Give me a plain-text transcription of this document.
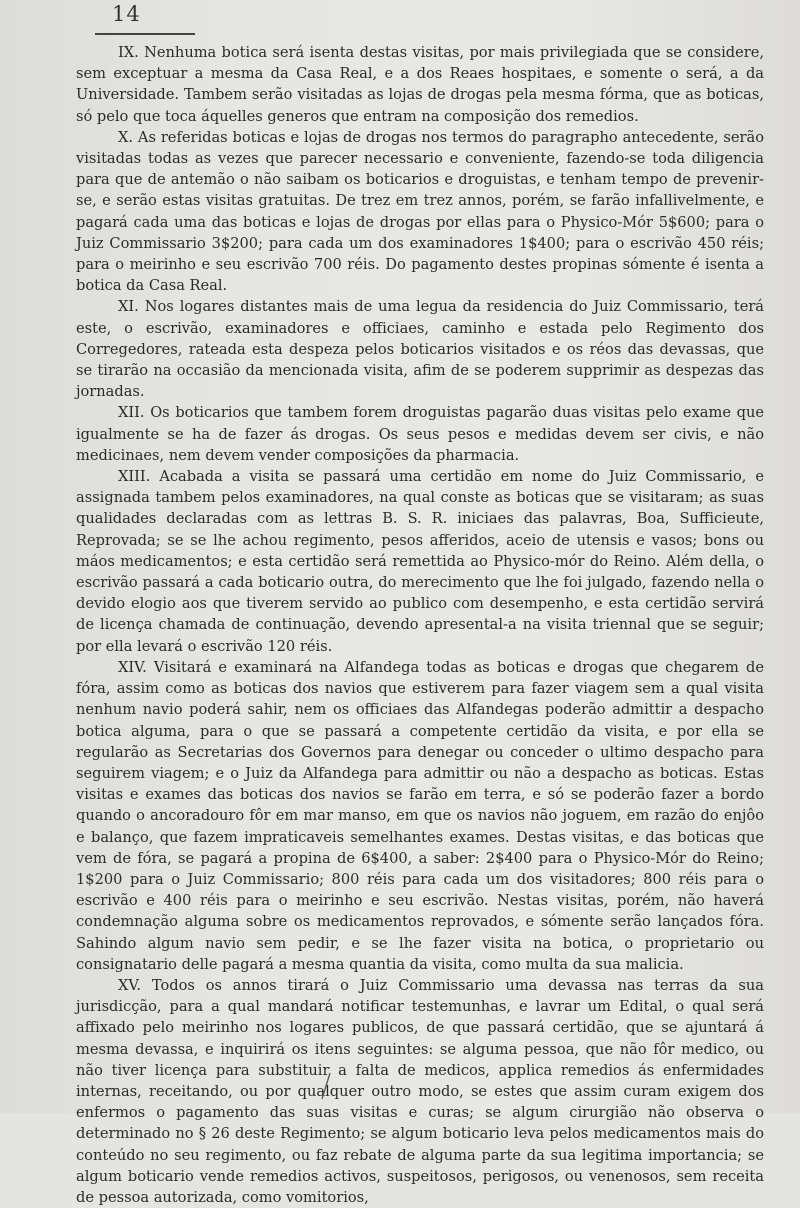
14

IX. Nenhuma botica será isenta destas visitas, por mais privilegiada que se considere, sem exceptuar a mesma da Casa Real, e a dos Reaes hospitaes, e somente o será, a da Universidade. Tambem serão visitadas as lojas de drogas pela mesma fórma, que as boticas, só pelo que toca áquelles generos que entram na composição dos remedios.

X. As referidas boticas e lojas de drogas nos termos do paragrapho antecedente, serão visitadas todas as vezes que parecer necessario e conveniente, fazendo-se toda diligencia para que de antemão o não saibam os boticarios e droguistas, e tenham tempo de prevenir-se, e serão estas visitas gratuitas. De trez em trez annos, porém, se farão infallivelmente, e pagará cada uma das boticas e lojas de drogas por ellas para o Physico-Mór 5$600; para o Juiz Commissario 3$200; para cada um dos examinadores 1$400; para o escrivão 450 réis; para o meirinho e seu escrivão 700 réis. Do pagamento destes propinas sómente é isenta a botica da Casa Real.

XI. Nos logares distantes mais de uma legua da residencia do Juiz Commissario, terá este, o escrivão, examinadores e officiaes, caminho e estada pelo Regimento dos Corregedores, rateada esta despeza pelos boticarios visitados e os réos das devassas, que se tirarão na occasião da mencionada visita, afim de se poderem supprimir as despezas das jornadas.

XII. Os boticarios que tambem forem droguistas pagarão duas visitas pelo exame que igualmente se ha de fazer ás drogas. Os seus pesos e medidas devem ser civis, e não medicinaes, nem devem vender composições da pharmacia.

XIII. Acabada a visita se passará uma certidão em nome do Juiz Commissario, e assignada tambem pelos examinadores, na qual conste as boticas que se visitaram; as suas qualidades declaradas com as lettras B. S. R. iniciaes das palavras, Boa, Sufficieute, Reprovada; se se lhe achou regimento, pesos afferidos, aceio de utensis e vasos; bons ou máos medicamentos; e esta certidão será remettida ao Physico-mór do Reino. Além della, o escrivão passará a cada boticario outra, do merecimento que lhe foi julgado, fazendo nella o devido elogio aos que tiverem servido ao publico com desempenho, e esta certidão servirá de licença chamada de continuação, devendo apresental-a na visita triennal que se seguir; por ella levará o escrivão 120 réis.

XIV. Visitará e examinará na Alfandega todas as boticas e drogas que chegarem de fóra, assim como as boticas dos navios que estiverem para fazer viagem sem a qual visita nenhum navio poderá sahir, nem os officiaes das Alfandegas poderão admittir a despacho botica alguma, para o que se passará a competente certidão da visita, e por ella se regularão as Secretarias dos Governos para denegar ou conceder o ultimo despacho para seguirem viagem; e o Juiz da Alfandega para admittir ou não a despacho as boticas. Estas visitas e exames das boticas dos navios se farão em terra, e só se poderão fazer a bordo quando o ancoradouro fôr em mar manso, em que os navios não joguem, em razão do enjôo e balanço, que fazem impraticaveis semelhantes exames. Destas visitas, e das boticas que vem de fóra, se pagará a propina de 6$400, a saber: 2$400 para o Physico-Mór do Reino; 1$200 para o Juiz Commissario; 800 réis para cada um dos visitadores; 800 réis para o escrivão e 400 réis para o meirinho e seu escrivão. Nestas visitas, porém, não haverá condemnação alguma sobre os medicamentos reprovados, e sómente serão lançados fóra. Sahindo algum navio sem pedir, e se lhe fazer visita na botica, o proprietario ou consignatario delle pagará a mesma quantia da visita, como multa da sua malicia.

XV. Todos os annos tirará o Juiz Commissario uma devassa nas terras da sua jurisdicção, para a qual mandará notificar testemunhas, e lavrar um Edital, o qual será affixado pelo meirinho nos logares publicos, de que passará certidão, que se ajuntará á mesma devassa, e inquirirá os itens seguintes: se alguma pessoa, que não fôr medico, ou não tiver licença para substituir a falta de medicos, applica remedios ás enfermidades internas, receitando, ou por qualquer outro modo, se estes que assim curam exigem dos enfermos o pagamento das suas visitas e curas; se algum cirurgião não observa o determinado no § 26 deste Regimento; se algum boticario leva pelos medicamentos mais do conteúdo no seu regimento, ou faz rebate de alguma parte da sua legitima importancia; se algum boticario vende remedios activos, suspeitosos, perigosos, ou venenosos, sem receita de pessoa autorizada, como vomitorios,
